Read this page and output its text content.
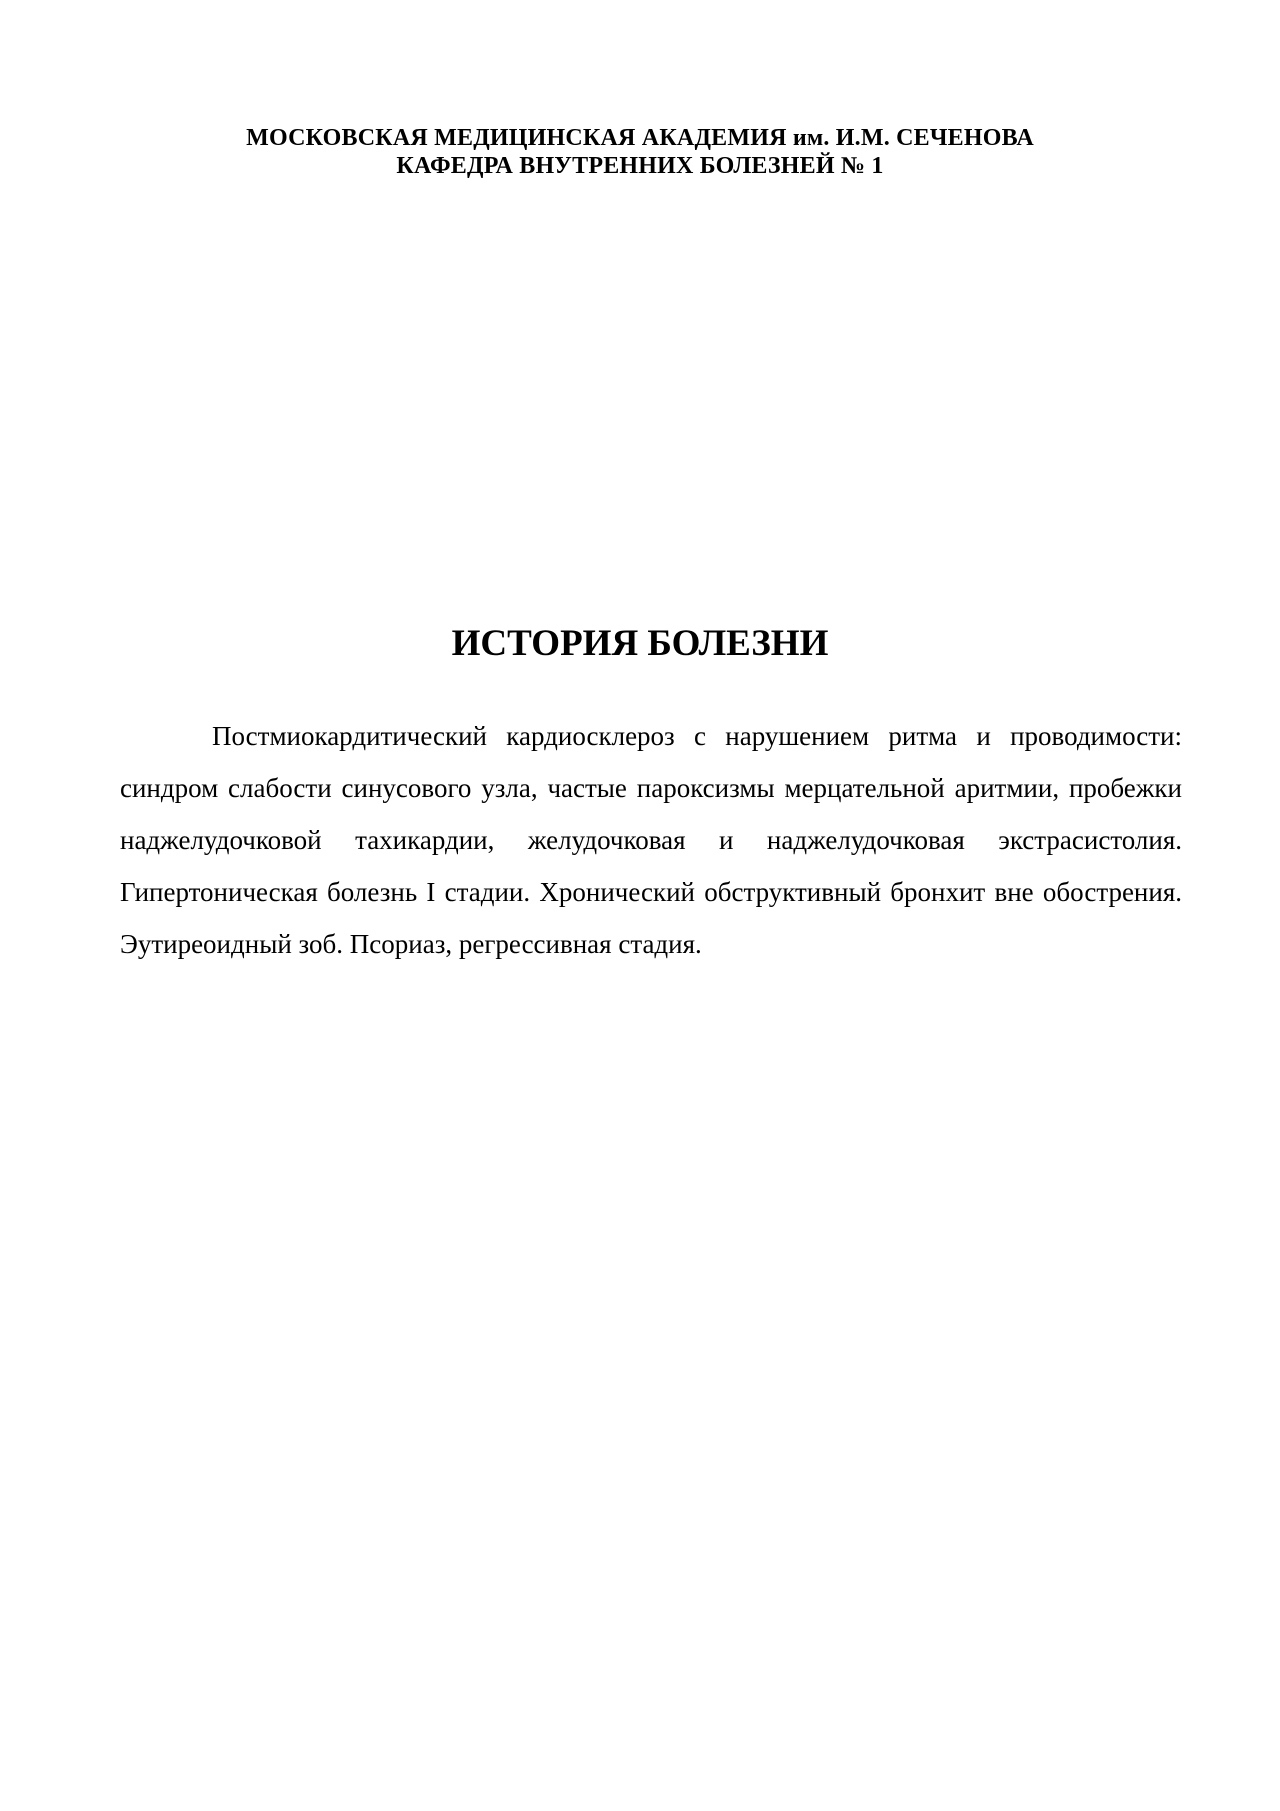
МОСКОВСКАЯ МЕДИЦИНСКАЯ АКАДЕМИЯ им. И.М. СЕЧЕНОВА
КАФЕДРА ВНУТРЕННИХ БОЛЕЗНЕЙ № 1
ИСТОРИЯ БОЛЕЗНИ

Постмиокардитический кардиосклероз с нарушением ритма и проводимости: синдром слабости синусового узла, частые пароксизмы мерцательной аритмии, пробежки наджелудочковой тахикардии, желудочковая и наджелудочковая экстрасистолия. Гипертоническая болезнь I стадии. Хронический обструктивный бронхит вне обострения. Эутиреоидный зоб. Псориаз, регрессивная стадия.
